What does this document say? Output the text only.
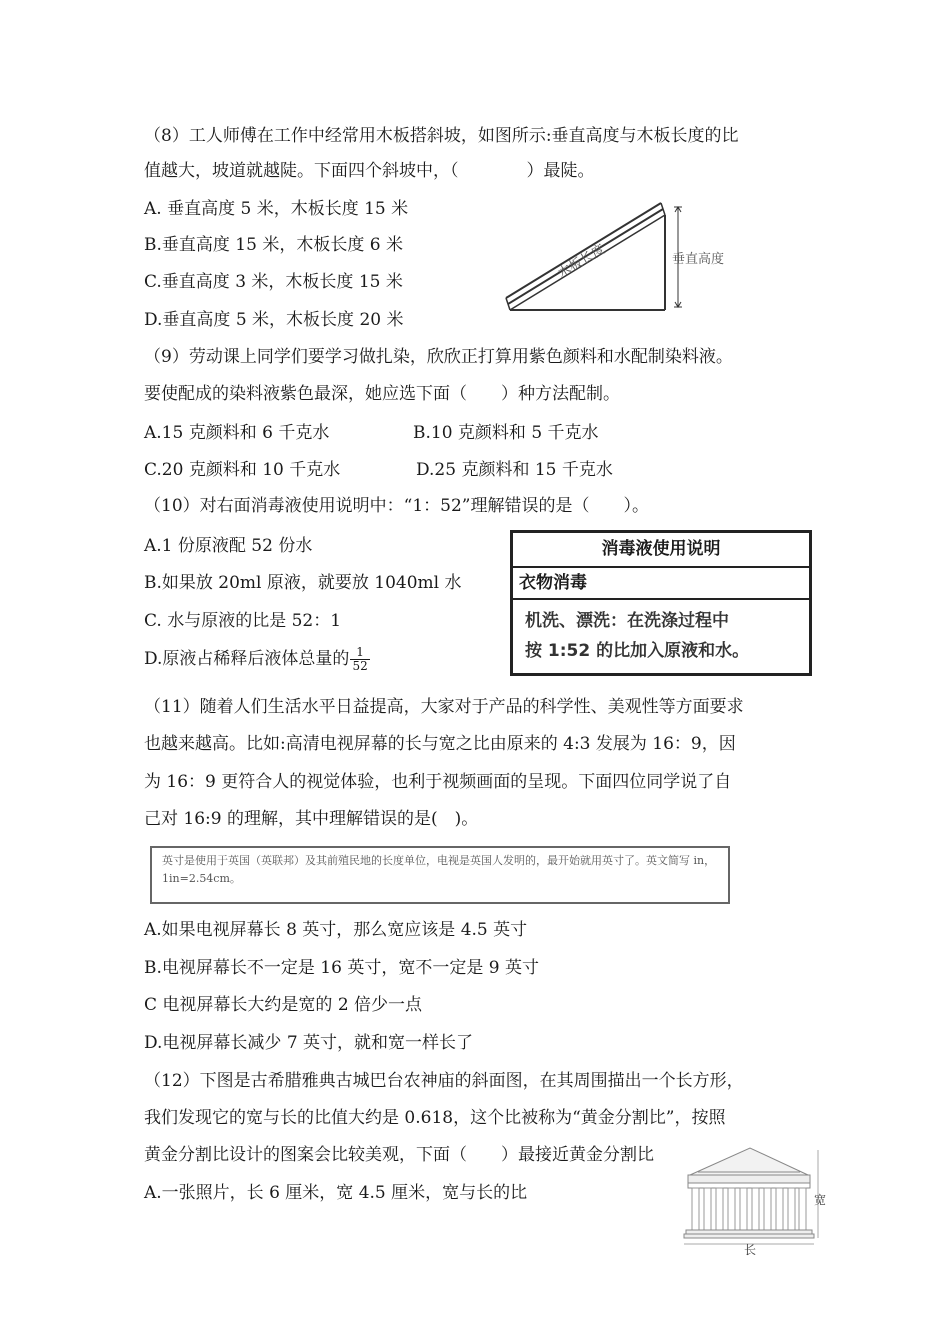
（8）工人师傅在工作中经常用木板搭斜坡，如图所示:垂直高度与木板长度的比
值越大，坡道就越陡。下面四个斜坡中，（　　　　）最陡。
A. 垂直高度 5 米，木板长度 15 米
B.垂直高度 15 米，木板长度 6 米
C.垂直高度 3 米，木板长度 15 米
D.垂直高度 5 米，木板长度 20 米
木板长度	垂直高度
（9）劳动课上同学们要学习做扎染，欣欣正打算用紫色颜料和水配制染料液。
要使配成的染料液紫色最深，她应选下面（　　）种方法配制。
A.15 克颜料和 6 千克水	B.10 克颜料和 5 千克水
C.20 克颜料和 10 千克水	D.25 克颜料和 15 千克水
（10）对右面消毒液使用说明中：“1：52”理解错误的是（　　）。
A.1 份原液配 52 份水
B.如果放 20ml 原液，就要放 1040ml 水
C. 水与原液的比是 52：1
D.原液占稀释后液体总量的 $\frac{1}{52}$
消毒液使用说明
衣物消毒
机洗、漂洗：在洗涤过程中
按 1:52 的比加入原液和水。
（11）随着人们生活水平日益提高，大家对于产品的科学性、美观性等方面要求
也越来越高。比如:高清电视屏幕的长与宽之比由原来的 4:3 发展为 16：9，因
为 16：9 更符合人的视觉体验，也利于视频画面的呈现。下面四位同学说了自
己对 16:9 的理解，其中理解错误的是(　)。
英寸是使用于英国（英联邦）及其前殖民地的长度单位，电视是英国人发明的，最开始就用英寸了。英文简写 in，1in=2.54cm。
A.如果电视屏幕长 8 英寸，那么宽应该是 4.5 英寸
B.电视屏幕长不一定是 16 英寸，宽不一定是 9 英寸
C 电视屏幕长大约是宽的 2 倍少一点
D.电视屏幕长减少 7 英寸，就和宽一样长了
（12）下图是古希腊雅典古城巴台农神庙的斜面图，在其周围描出一个长方形，
我们发现它的宽与长的比值大约是 0.618，这个比被称为“黄金分割比”，按照
黄金分割比设计的图案会比较美观，下面（　　）最接近黄金分割比
A.一张照片，长 6 厘米，宽 4.5 厘米，宽与长的比	宽
长
